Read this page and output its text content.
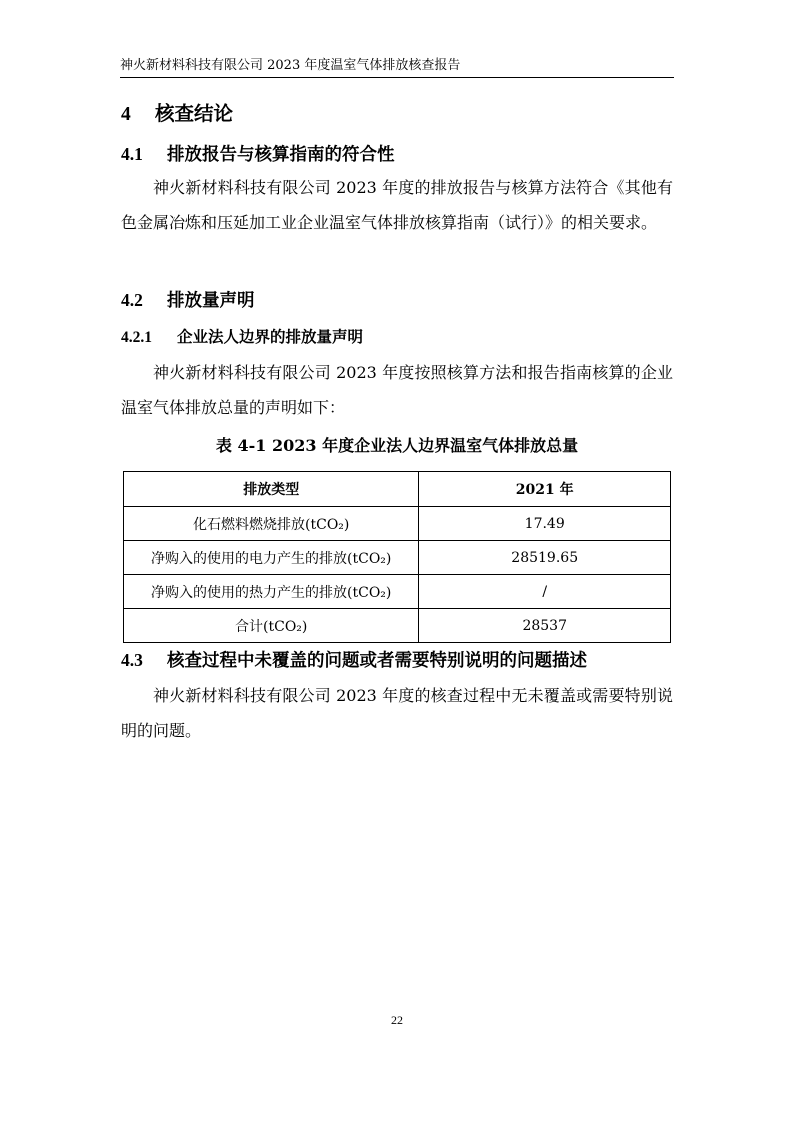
神火新材料科技有限公司 2023 年度温室气体排放核查报告
4 核查结论
4.1 排放报告与核算指南的符合性
神火新材料科技有限公司 2023 年度的排放报告与核算方法符合《其他有色金属冶炼和压延加工业企业温室气体排放核算指南（试行）》的相关要求。
4.2 排放量声明
4.2.1 企业法人边界的排放量声明
神火新材料科技有限公司 2023 年度按照核算方法和报告指南核算的企业温室气体排放总量的声明如下：
表 4-1 2023 年度企业法人边界温室气体排放总量
排放类型	2021 年
化石燃料燃烧排放(tCO₂)	17.49
净购入的使用的电力产生的排放(tCO₂)	28519.65
净购入的使用的热力产生的排放(tCO₂)	/
合计(tCO₂)	28537
4.3 核查过程中未覆盖的问题或者需要特别说明的问题描述
神火新材料科技有限公司 2023 年度的核查过程中无未覆盖或需要特别说明的问题。
22
